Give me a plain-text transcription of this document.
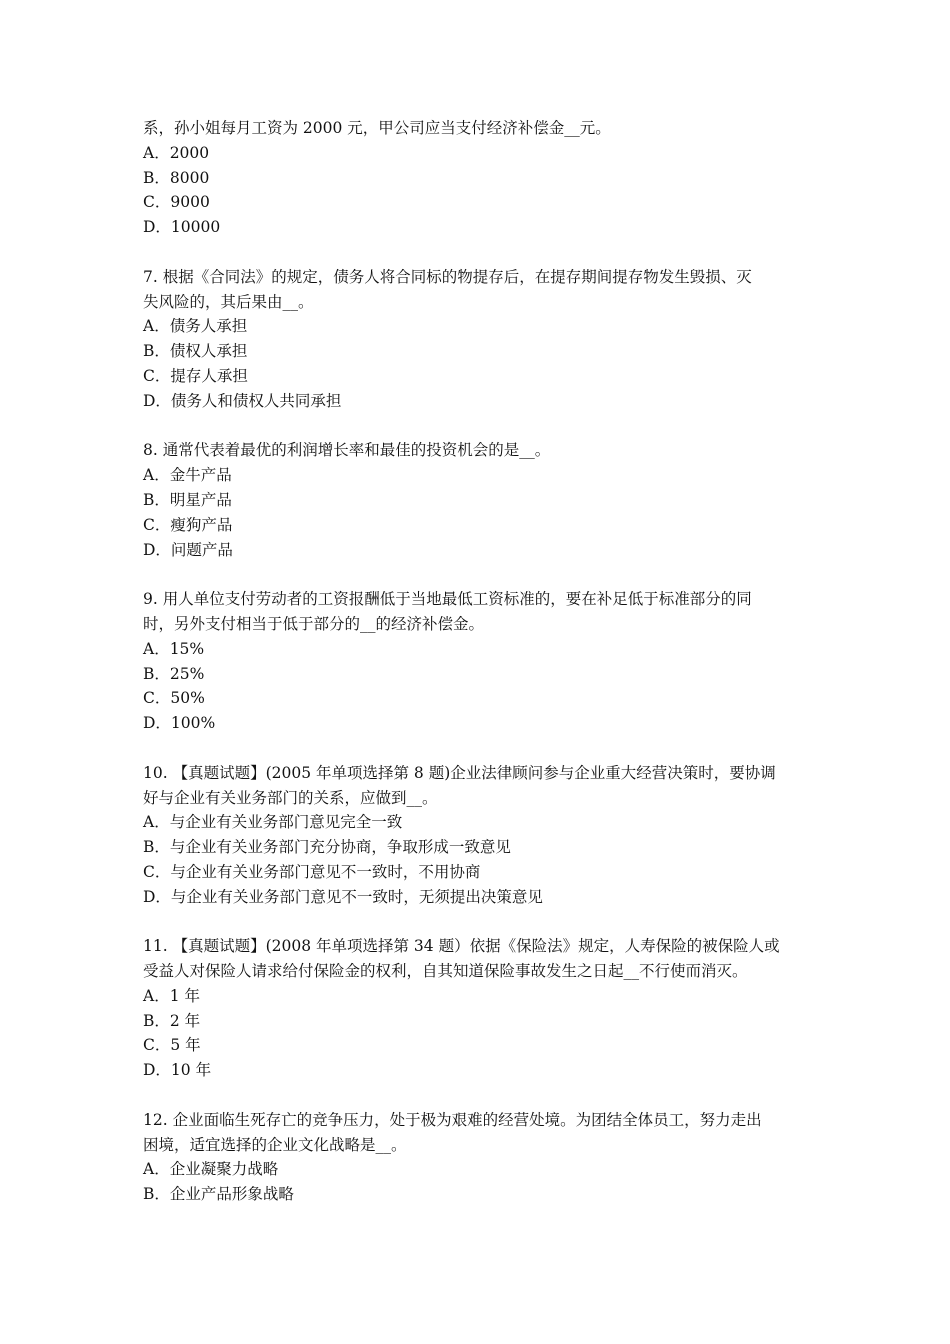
系，孙小姐每月工资为 2000 元，甲公司应当支付经济补偿金__元。
A．2000
B．8000
C．9000
D．10000
7. 根据《合同法》的规定，债务人将合同标的物提存后，在提存期间提存物发生毁损、灭
失风险的，其后果由__。
A．债务人承担
B．债权人承担
C．提存人承担
D．债务人和债权人共同承担
8. 通常代表着最优的利润增长率和最佳的投资机会的是__。
A．金牛产品
B．明星产品
C．瘦狗产品
D．问题产品
9. 用人单位支付劳动者的工资报酬低于当地最低工资标准的，要在补足低于标准部分的同
时，另外支付相当于低于部分的__的经济补偿金。
A．15%
B．25%
C．50%
D．100%
10. 【真题试题】(2005 年单项选择第 8 题)企业法律顾问参与企业重大经营决策时，要协调
好与企业有关业务部门的关系，应做到__。
A．与企业有关业务部门意见完全一致
B．与企业有关业务部门充分协商，争取形成一致意见
C．与企业有关业务部门意见不一致时，不用协商
D．与企业有关业务部门意见不一致时，无须提出决策意见
11. 【真题试题】(2008 年单项选择第 34 题）依据《保险法》规定，人寿保险的被保险人或
受益人对保险人请求给付保险金的权利，自其知道保险事故发生之日起__不行使而消灭。
A．1 年
B．2 年
C．5 年
D．10 年
12. 企业面临生死存亡的竞争压力，处于极为艰难的经营处境。为团结全体员工，努力走出
困境，适宜选择的企业文化战略是__。
A．企业凝聚力战略
B．企业产品形象战略
